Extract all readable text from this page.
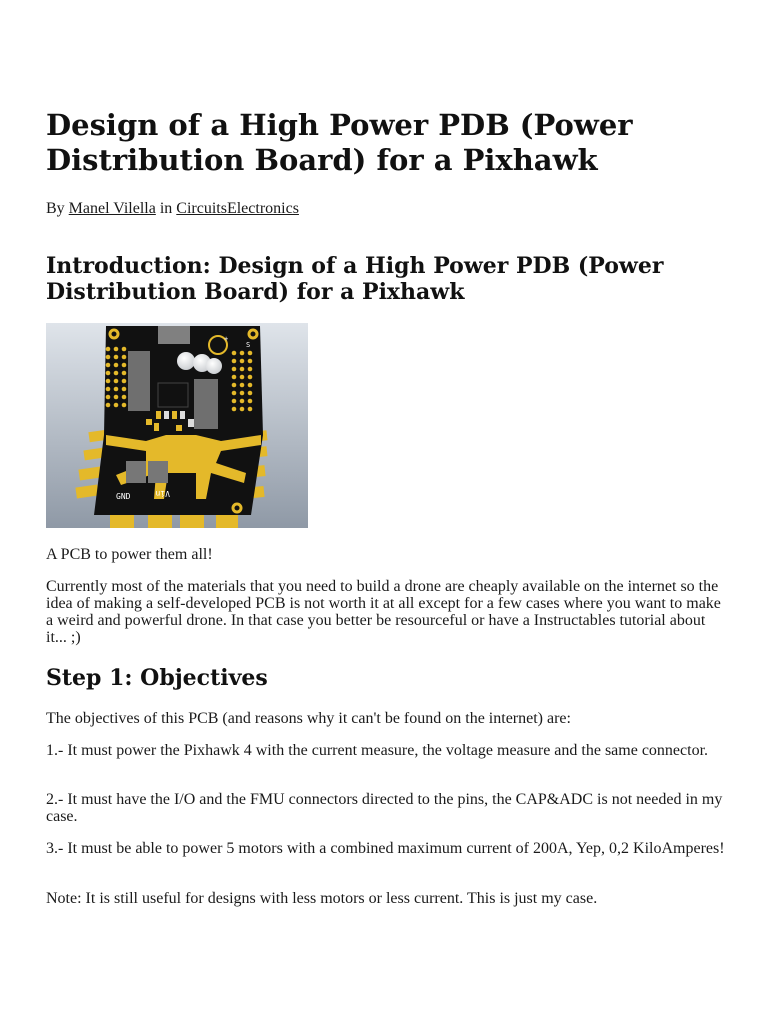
Design of a High Power PDB (Power Distribution Board) for a Pixhawk
By Manel Vilella in CircuitsElectronics
Introduction: Design of a High Power PDB (Power Distribution Board) for a Pixhawk
GND	Vin
+
S

A PCB to power them all!

Currently most of the materials that you need to build a drone are cheaply available on the internet so the idea of making a self-developed PCB is not worth it at all except for a few cases where you want to make a weird and powerful drone. In that case you better be resourceful or have a Instructables tutorial about it... ;)

Step 1: Objectives

The objectives of this PCB (and reasons why it can't be found on the internet) are:

1.- It must power the Pixhawk 4 with the current measure, the voltage measure and the same connector.

2.- It must have the I/O and the FMU connectors directed to the pins, the CAP&ADC is not needed in my case.

3.- It must be able to power 5 motors with a combined maximum current of 200A, Yep, 0,2 KiloAmperes!

Note: It is still useful for designs with less motors or less current. This is just my case.
